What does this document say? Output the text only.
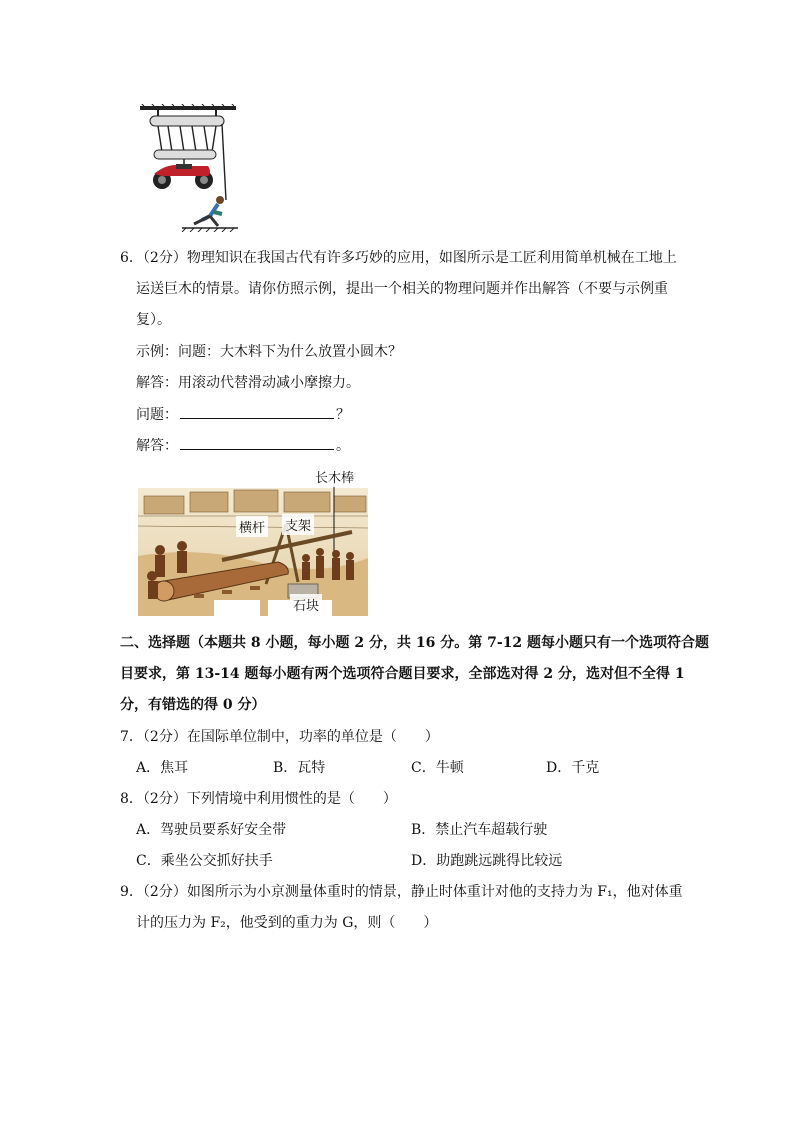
6．（2分）物理知识在我国古代有许多巧妙的应用，如图所示是工匠利用简单机械在工地上
运送巨木的情景。请你仿照示例，提出一个相关的物理问题并作出解答（不要与示例重
复）。
示例：问题：大木料下为什么放置小圆木？
解答：用滚动代替滑动减小摩擦力。
问题：	？
解答：	。
长木棒
横杆 支架
石块
二、选择题（本题共 8 小题，每小题 2 分，共 16 分。第 7-12 题每小题只有一个选项符合题
目要求，第 13-14 题每小题有两个选项符合题目要求，全部选对得 2 分，选对但不全得 1
分，有错选的得 0 分）
7．（2分）在国际单位制中，功率的单位是（　　）
A．焦耳	B．瓦特	C．牛顿	D．千克
8．（2分）下列情境中利用惯性的是（　　）
A．驾驶员要系好安全带	B．禁止汽车超载行驶
C．乘坐公交抓好扶手	D．助跑跳远跳得比较远
9．（2分）如图所示为小京测量体重时的情景，静止时体重计对他的支持力为 F₁，他对体重
计的压力为 F₂，他受到的重力为 G，则（　　）
